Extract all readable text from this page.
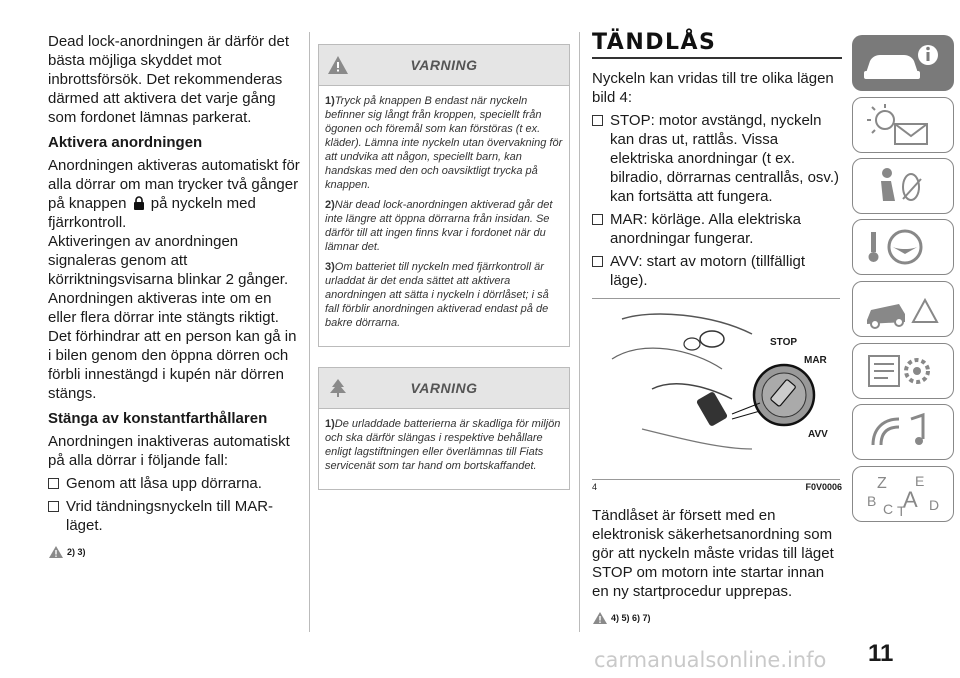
Dead lock-anordningen är därför det bästa möjliga skyddet mot inbrottsförsök. Det rekommenderas därmed att aktivera det varje gång som fordonet lämnas parkerat.

Aktivera anordningen

Anordningen aktiveras automatiskt för alla dörrar om man trycker två gånger på knappen på nyckeln med fjärrkontroll.

Aktiveringen av anordningen signaleras genom att körriktningsvisarna blinkar 2 gånger.

Anordningen aktiveras inte om en eller flera dörrar inte stängts riktigt. Det förhindrar att en person kan gå in i bilen genom den öppna dörren och förbli innestängd i kupén när dörren stängs.

Stänga av konstantfarthållaren

Anordningen inaktiveras automatiskt på alla dörrar i följande fall:

Genom att låsa upp dörrarna.
Vrid tändningsnyckeln till MAR-läget.
2) 3)
VARNING
1)Tryck på knappen B endast när nyckeln befinner sig långt från kroppen, speciellt från ögonen och föremål som kan förstöras (t ex. kläder). Lämna inte nyckeln utan övervakning för att undvika att någon, speciellt barn, kan handskas med den och oavsiktligt trycka på knappen.
2)När dead lock-anordningen aktiverad går det inte längre att öppna dörrarna från insidan. Se därför till att ingen finns kvar i fordonet när du lämnar det.
3)Om batteriet till nyckeln med fjärrkontroll är urladdat är det enda sättet att aktivera anordningen att sätta i nyckeln i dörrlåset; i så fall förblir anordningen aktiverad endast på de bakre dörrarna.
VARNING
1)De urladdade batterierna är skadliga för miljön och ska därför slängas i respektive behållare enligt lagstiftningen eller överlämnas till Fiats servicenät som tar hand om bortskaffandet.
TÄNDLÅS

Nyckeln kan vridas till tre olika lägen bild 4:

STOP: motor avstängd, nyckeln kan dras ut, rattlås. Vissa elektriska anordningar (t ex. bilradio, dörrarnas centrallås, osv.) kan fortsätta att fungera.
MAR: körläge. Alla elektriska anordningar fungerar.
AVV: start av motorn (tillfälligt läge).
STOP
MAR
AVV
4	F0V0006

Tändlåset är försett med en elektronisk säkerhetsanordning som gör att nyckeln måste vridas till läget STOP om motorn inte startar innan en ny startprocedur upprepas.

4) 5) 6) 7)
Z E
B A D
C T
11
carmanualsonline.info
